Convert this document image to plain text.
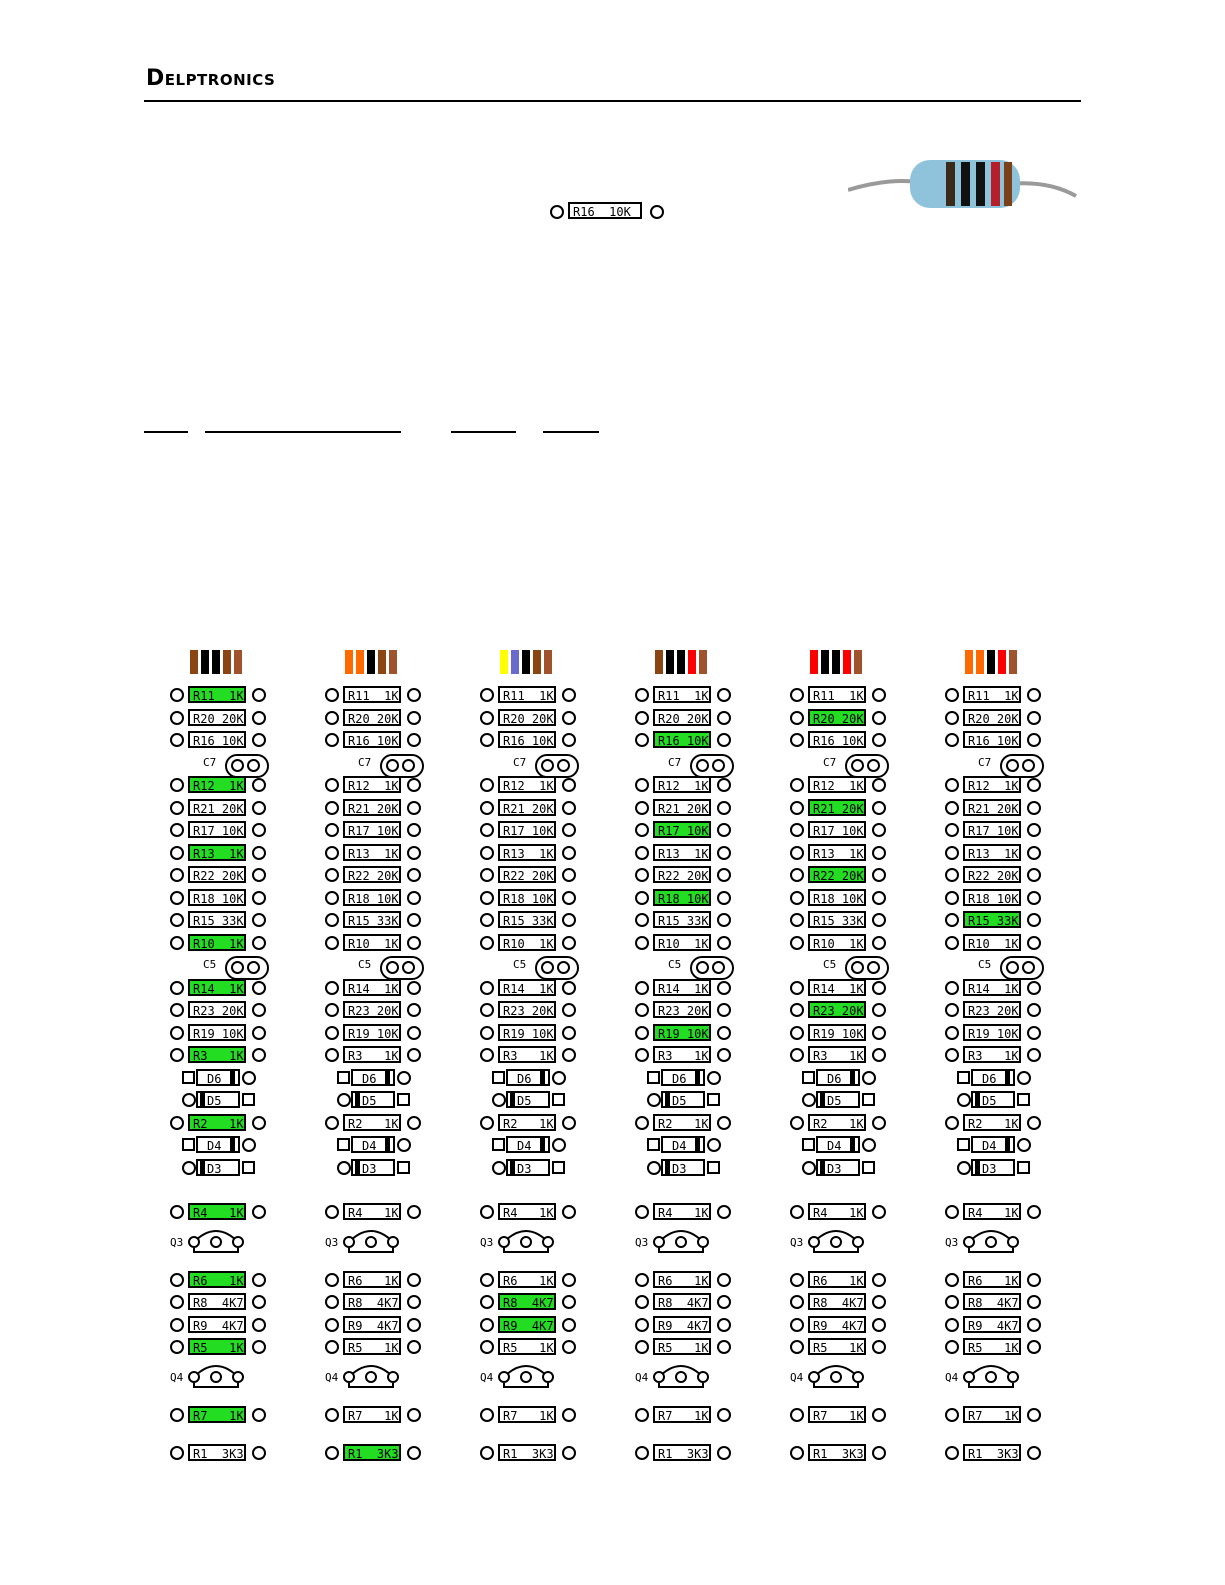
Delptronics
R16  10K
R11  1K
R20 20K
R16 10K
C7
R12  1K
R21 20K
R17 10K
R13  1K
R22 20K
R18 10K
R15 33K
R10  1K
C5
R14  1K
R23 20K
R19 10K
R3   1K
D6
D5
R2   1K
D4
D3
R4   1K
Q3
R6   1K
R8  4K7
R9  4K7
R5   1K
Q4
R7   1K
R1  3K3
R11  1K
R20 20K
R16 10K
C7
R12  1K
R21 20K
R17 10K
R13  1K
R22 20K
R18 10K
R15 33K
R10  1K
C5
R14  1K
R23 20K
R19 10K
R3   1K
D6
D5
R2   1K
D4
D3
R4   1K
Q3
R6   1K
R8  4K7
R9  4K7
R5   1K
Q4
R7   1K
R1  3K3
R11  1K
R20 20K
R16 10K
C7
R12  1K
R21 20K
R17 10K
R13  1K
R22 20K
R18 10K
R15 33K
R10  1K
C5
R14  1K
R23 20K
R19 10K
R3   1K
D6
D5
R2   1K
D4
D3
R4   1K
Q3
R6   1K
R8  4K7
R9  4K7
R5   1K
Q4
R7   1K
R1  3K3
R11  1K
R20 20K
R16 10K
C7
R12  1K
R21 20K
R17 10K
R13  1K
R22 20K
R18 10K
R15 33K
R10  1K
C5
R14  1K
R23 20K
R19 10K
R3   1K
D6
D5
R2   1K
D4
D3
R4   1K
Q3
R6   1K
R8  4K7
R9  4K7
R5   1K
Q4
R7   1K
R1  3K3
R11  1K
R20 20K
R16 10K
C7
R12  1K
R21 20K
R17 10K
R13  1K
R22 20K
R18 10K
R15 33K
R10  1K
C5
R14  1K
R23 20K
R19 10K
R3   1K
D6
D5
R2   1K
D4
D3
R4   1K
Q3
R6   1K
R8  4K7
R9  4K7
R5   1K
Q4
R7   1K
R1  3K3
R11  1K
R20 20K
R16 10K
C7
R12  1K
R21 20K
R17 10K
R13  1K
R22 20K
R18 10K
R15 33K
R10  1K
C5
R14  1K
R23 20K
R19 10K
R3   1K
D6
D5
R2   1K
D4
D3
R4   1K
Q3
R6   1K
R8  4K7
R9  4K7
R5   1K
Q4
R7   1K
R1  3K3
